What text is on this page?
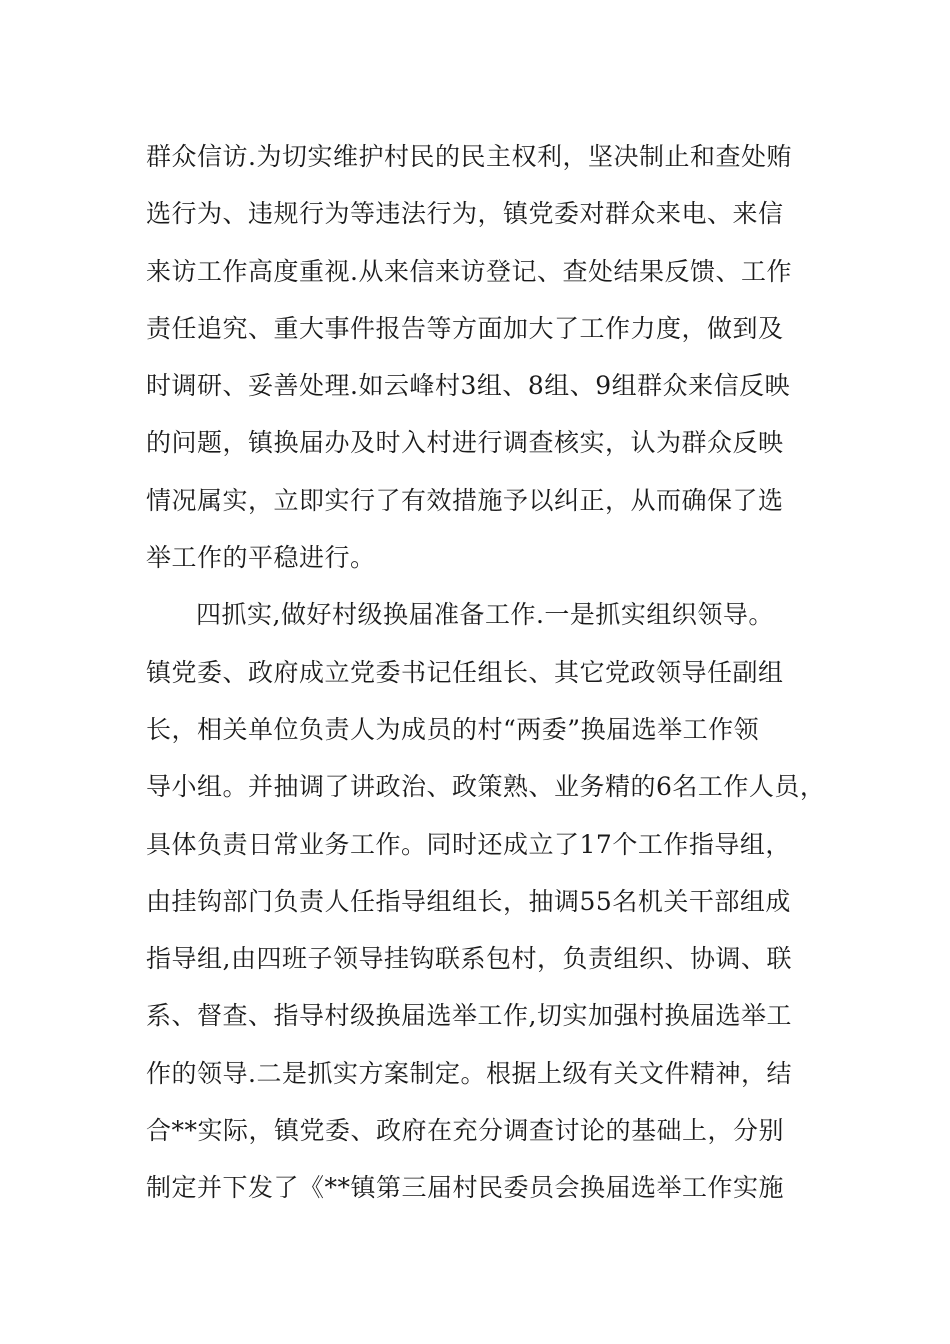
群众信访.为切实维护村民的民主权利，坚决制止和查处贿
选行为、违规行为等违法行为，镇党委对群众来电、来信
来访工作高度重视.从来信来访登记、查处结果反馈、工作
责任追究、重大事件报告等方面加大了工作力度，做到及
时调研、妥善处理.如云峰村3组、8组、9组群众来信反映
的问题，镇换届办及时入村进行调查核实，认为群众反映
情况属实，立即实行了有效措施予以纠正，从而确保了选
举工作的平稳进行。
四抓实,做好村级换届准备工作.一是抓实组织领导。
镇党委、政府成立党委书记任组长、其它党政领导任副组
长，相关单位负责人为成员的村“两委”换届选举工作领
导小组。并抽调了讲政治、政策熟、业务精的6名工作人员，
具体负责日常业务工作。同时还成立了17个工作指导组，
由挂钩部门负责人任指导组组长，抽调55名机关干部组成
指导组,由四班子领导挂钩联系包村，负责组织、协调、联
系、督查、指导村级换届选举工作,切实加强村换届选举工
作的领导.二是抓实方案制定。根据上级有关文件精神，结
合**实际，镇党委、政府在充分调查讨论的基础上，分别
制定并下发了《**镇第三届村民委员会换届选举工作实施
